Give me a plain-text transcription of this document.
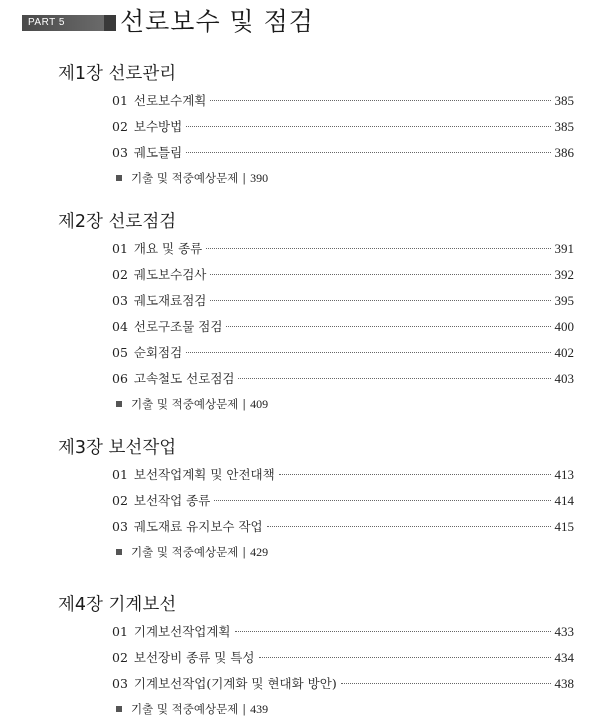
PART 5	선로보수 및 점검
제1장 선로관리
01 선로보수계획	385
02 보수방법	385
03 궤도틀림	386
기출 및 적중예상문제 | 390
제2장 선로점검
01 개요 및 종류	391
02 궤도보수검사	392
03 궤도재료점검	395
04 선로구조물 점검	400
05 순회점검	402
06 고속철도 선로점검	403
기출 및 적중예상문제 | 409
제3장 보선작업
01 보선작업계획 및 안전대책	413
02 보선작업 종류	414
03 궤도재료 유지보수 작업	415
기출 및 적중예상문제 | 429
제4장 기계보선
01 기계보선작업계획	433
02 보선장비 종류 및 특성	434
03 기계보선작업(기계화 및 현대화 방안)	438
기출 및 적중예상문제 | 439
